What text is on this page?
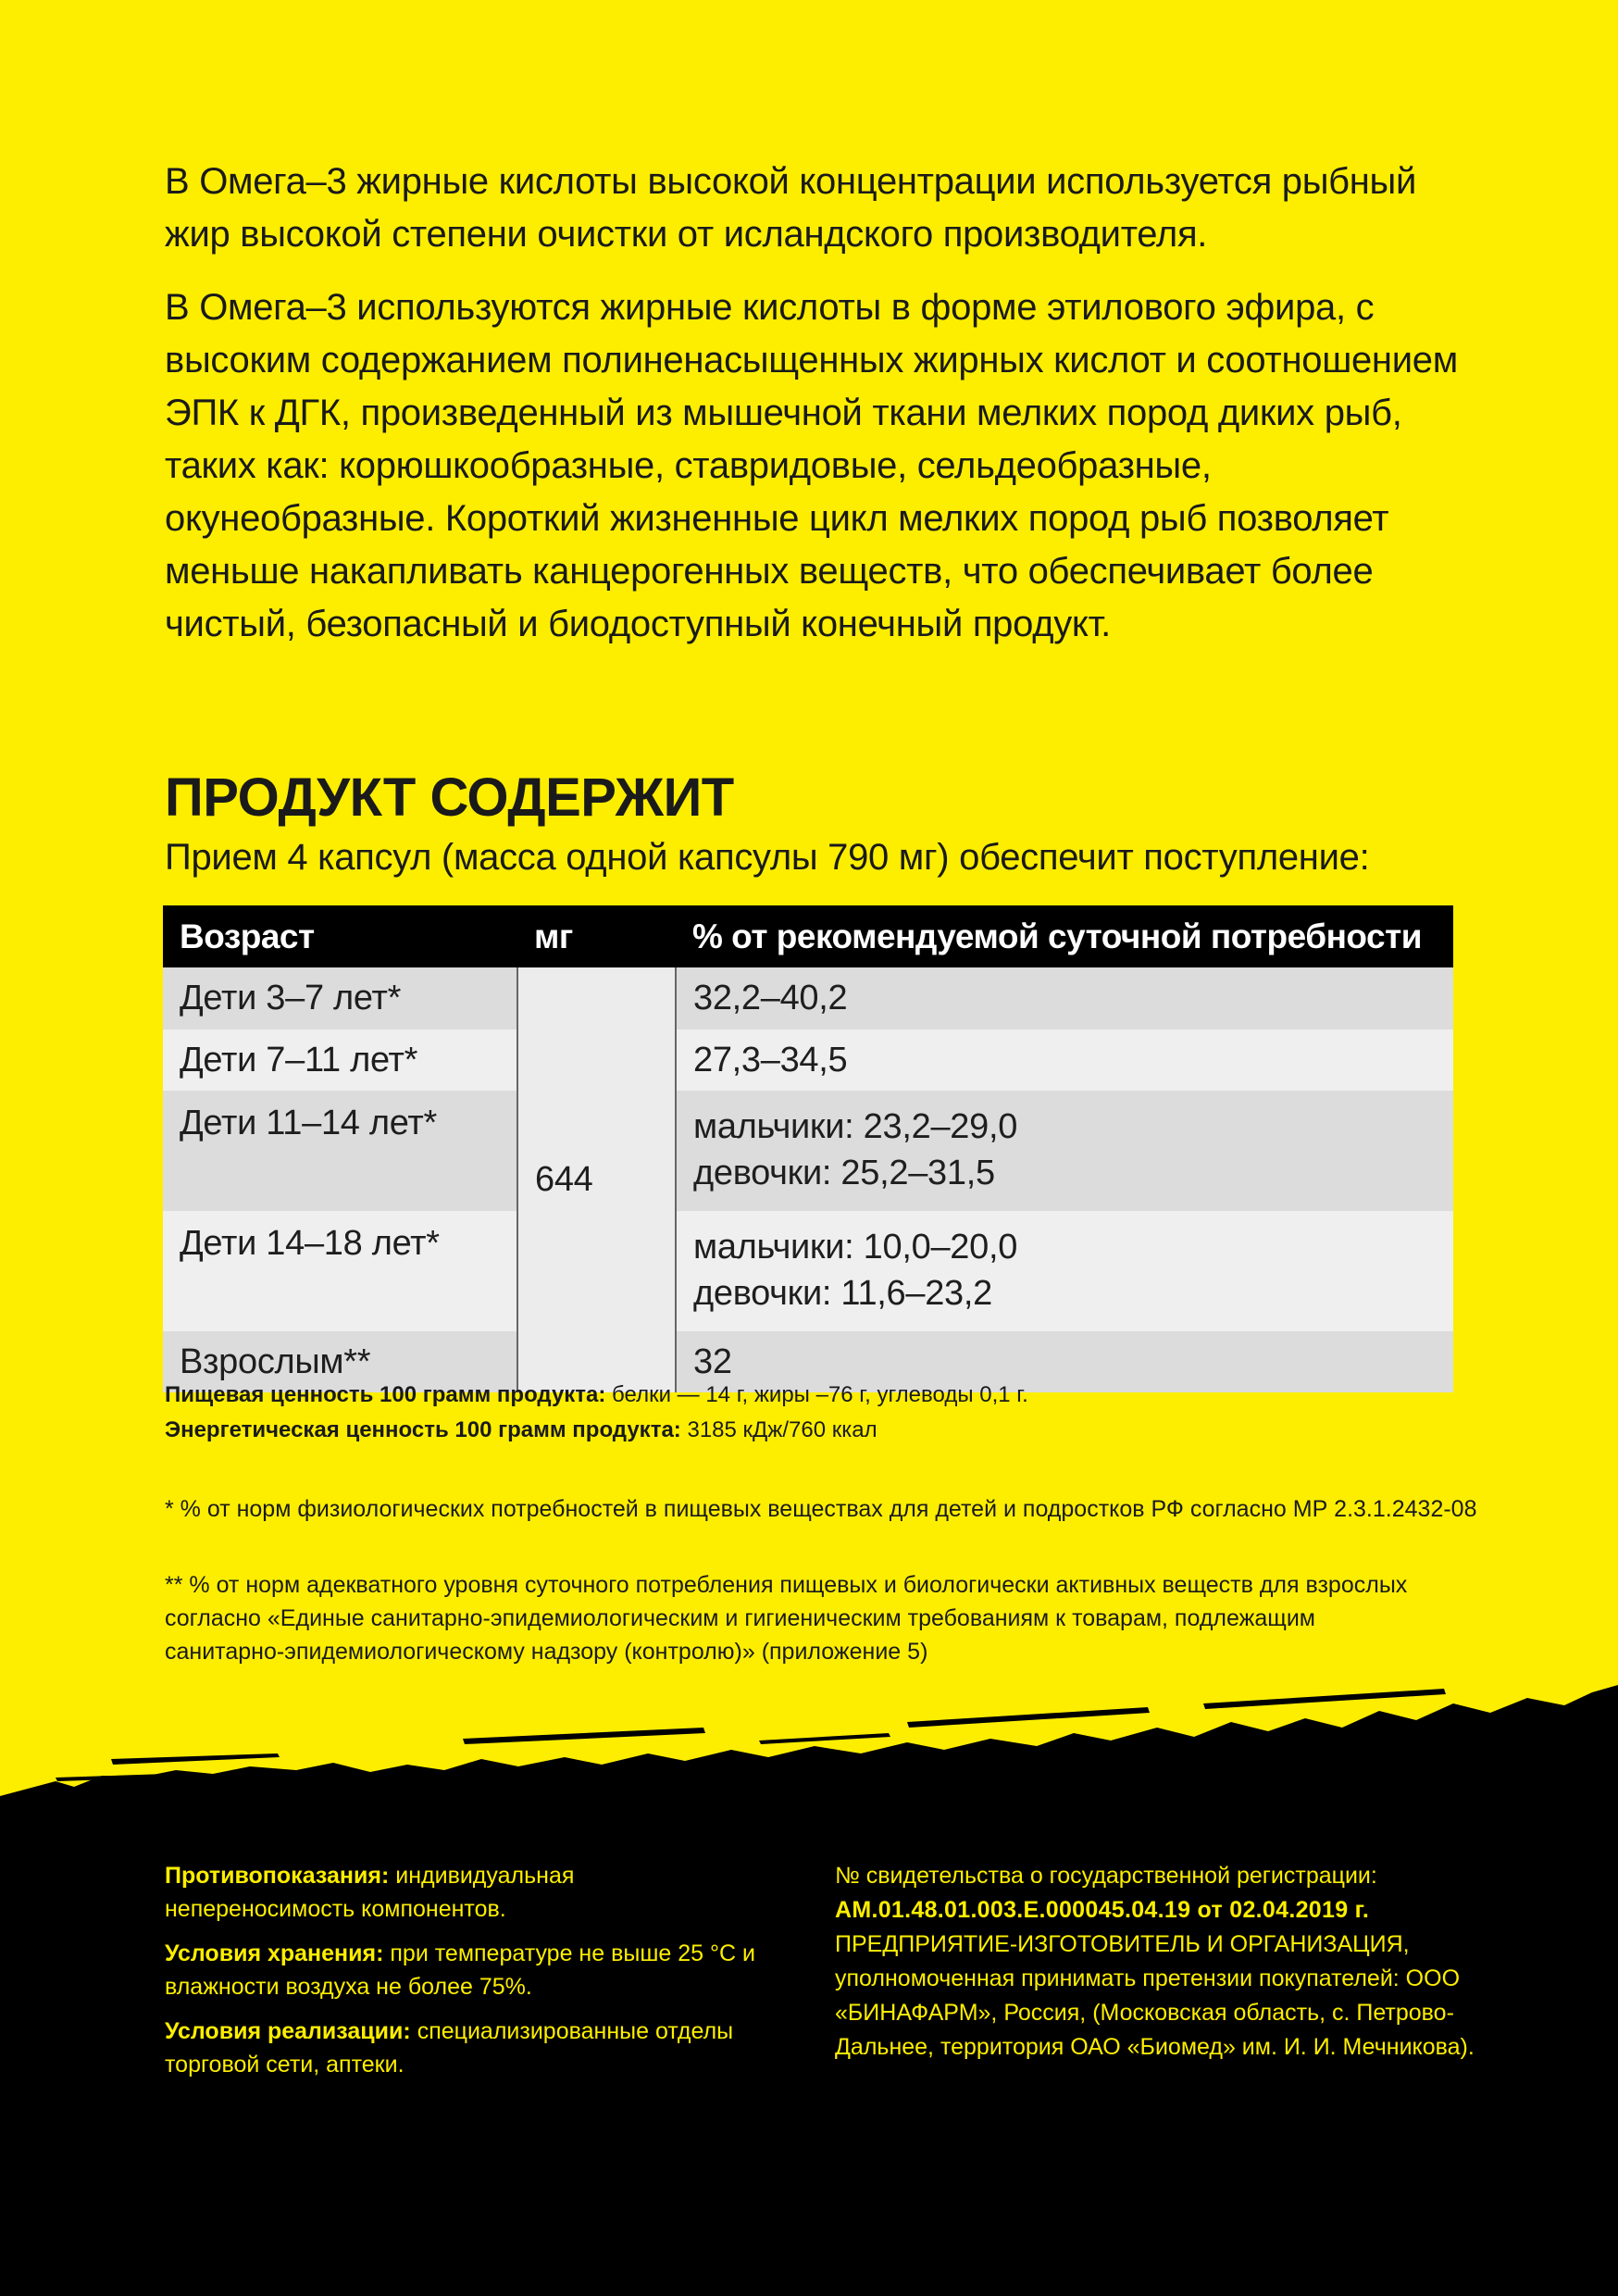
В Омега–3 жирные кислоты высокой концентрации используется рыбный жир высокой степени очистки от исландского производителя.

В Омега–3 используются жирные кислоты в форме этилового эфира, с высоким содержанием полиненасыщенных жирных кислот и соотношением ЭПК к ДГК, произведенный из мышечной ткани мелких пород диких рыб, таких как: корюшкообразные, ставридовые, сельдеобразные, окунеобразные. Короткий жизненные цикл мелких пород рыб позволяет меньше накапливать канцерогенных веществ, что обеспечивает более чистый, безопасный и биодоступный конечный продукт.

ПРОДУКТ СОДЕРЖИТ

Прием 4 капсул (масса одной капсулы 790 мг) обеспечит поступление:

Возраст	мг	% от рекомендуемой суточной потребности
Дети 3–7 лет*	644	32,2–40,2

Дети 7–11 лет*		27,3–34,5

Дети 11–14 лет*		мальчики: 23,2–29,0
девочки: 25,2–31,5

Дети 14–18 лет*		мальчики: 10,0–20,0
девочки: 11,6–23,2

Взрослым**		32

Пищевая ценность 100 грамм продукта: белки — 14 г, жиры –76 г, углеводы 0,1 г.

Энергетическая ценность 100 грамм продукта: 3185 кДж/760 ккал

* % от норм физиологических потребностей в пищевых веществах для детей и подростков РФ согласно МР 2.3.1.2432-08

** % от норм адекватного уровня суточного потребления пищевых и биологически активных веществ для взрослых согласно «Единые санитарно-эпидемиологическим и гигиеническим требованиям к товарам, подлежащим санитарно-эпидемиологическому надзору (контролю)» (приложение 5)

Противопоказания: индивидуальная непереносимость компонентов.

Условия хранения: при температуре не выше 25 °С и влажности воздуха не более 75%.

Условия реализации: специализированные отделы торговой сети, аптеки.

№ свидетельства о государственной регистрации:

AM.01.48.01.003.E.000045.04.19 от 02.04.2019 г.

ПРЕДПРИЯТИЕ-ИЗГОТОВИТЕЛЬ И ОРГАНИЗАЦИЯ, уполномоченная принимать претензии покупателей: ООО «БИНАФАРМ», Россия, (Московская область, с. Петрово-Дальнее, территория ОАО «Биомед» им. И. И. Мечникова).
